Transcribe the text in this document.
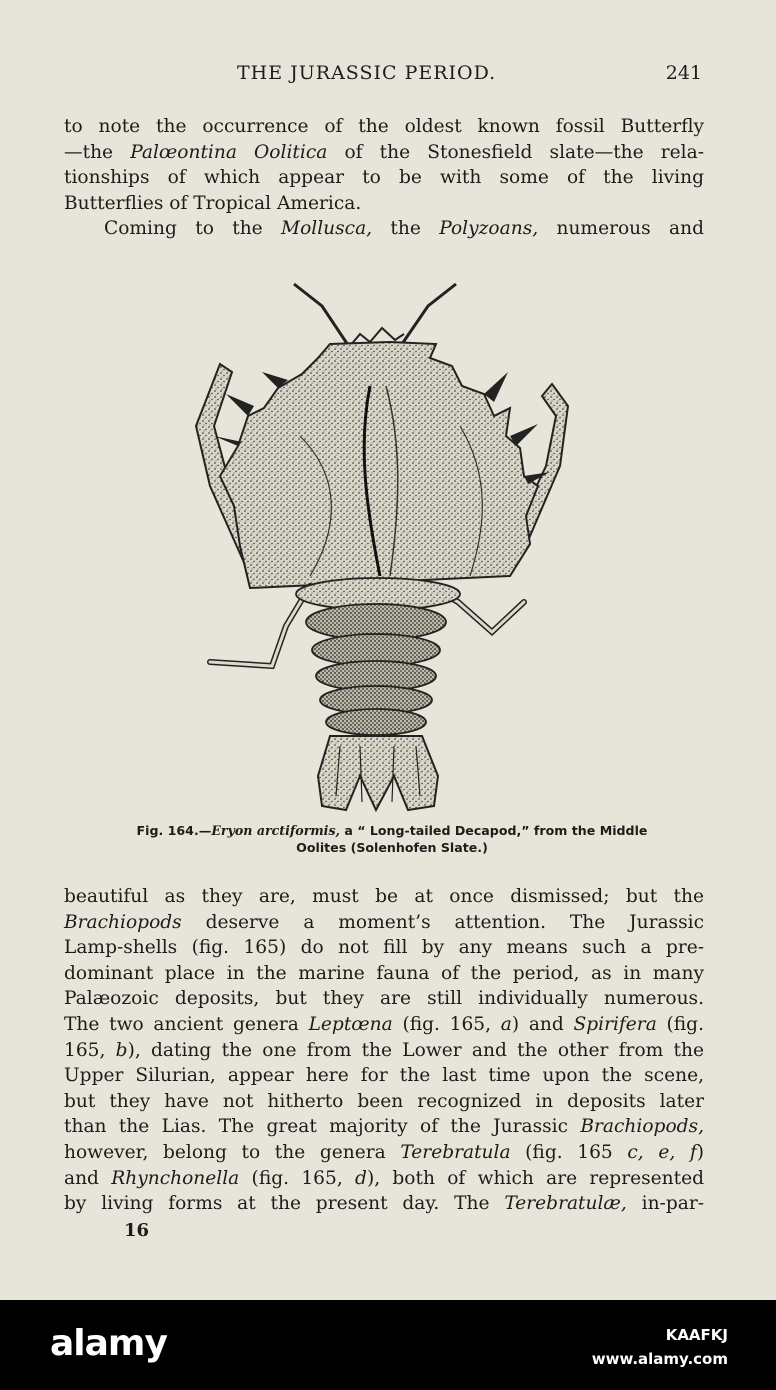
THE JURASSIC PERIOD.	241
to note the occurrence of the oldest known fossil Butterfly
—the Palœontina Oolitica of the Stonesfield slate—the rela-
tionships of which appear to be with some of the living
Butterflies of Tropical America.
Coming to the Mollusca, the Polyzoans, numerous and
Fig. 164.—Eryon arctiformis, a “ Long-tailed Decapod,” from the Middle
Oolites (Solenhofen Slate.)
beautiful as they are, must be at once dismissed; but the
Brachiopods deserve a moment’s attention. The Jurassic
Lamp-shells (fig. 165) do not fill by any means such a pre-
dominant place in the marine fauna of the period, as in many
Palæozoic deposits, but they are still individually numerous.
The two ancient genera Leptœna (fig. 165, a) and Spirifera (fig.
165, b), dating the one from the Lower and the other from the
Upper Silurian, appear here for the last time upon the scene,
but they have not hitherto been recognized in deposits later
than the Lias. The great majority of the Jurassic Brachiopods,
however, belong to the genera Terebratula (fig. 165 c, e, f)
and Rhynchonella (fig. 165, d), both of which are represented
by living forms at the present day. The Terebratulæ, in-par-
16
alamy	KAAFKJ
www.alamy.com
